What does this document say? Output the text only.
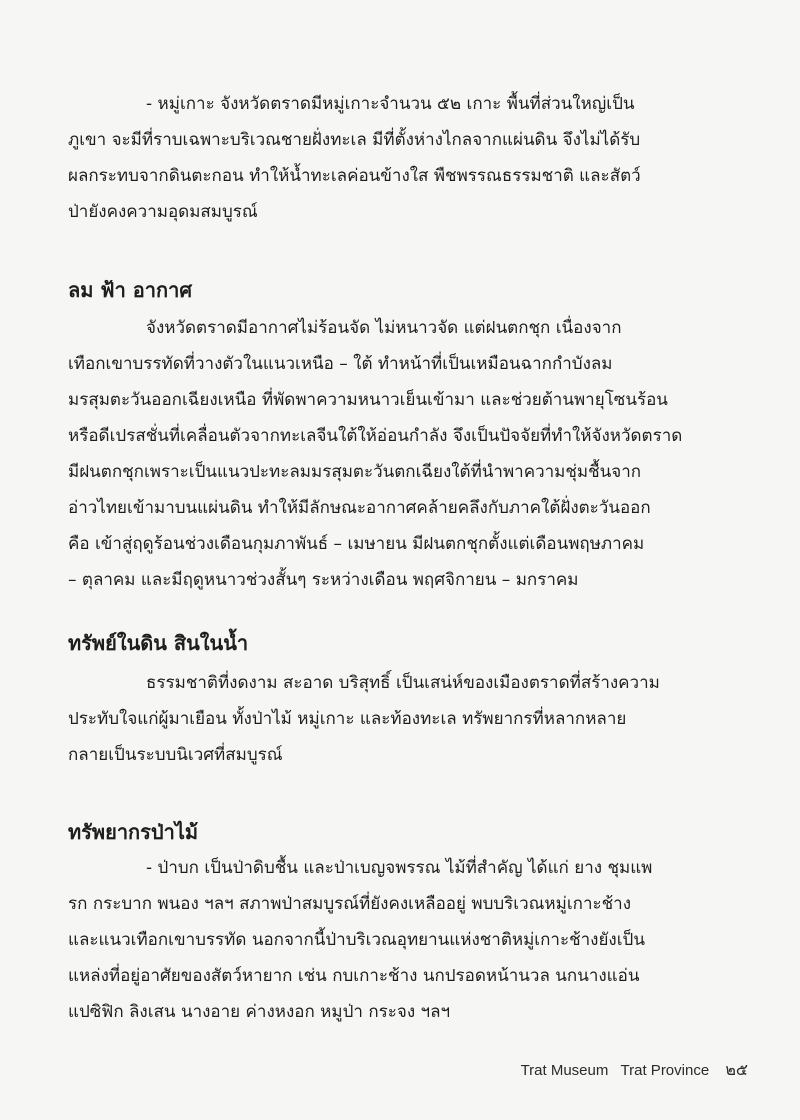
- หมู่เกาะ จังหวัดตราดมีหมู่เกาะจำนวน ๕๒ เกาะ พื้นที่ส่วนใหญ่เป็น
ภูเขา จะมีที่ราบเฉพาะบริเวณชายฝั่งทะเล มีที่ตั้งห่างไกลจากแผ่นดิน จึงไม่ได้รับ
ผลกระทบจากดินตะกอน ทำให้น้ำทะเลค่อนข้างใส พืชพรรณธรรมชาติ และสัตว์
ป่ายังคงความอุดมสมบูรณ์
ลม ฟ้า อากาศ
จังหวัดตราดมีอากาศไม่ร้อนจัด ไม่หนาวจัด แต่ฝนตกชุก เนื่องจาก
เทือกเขาบรรทัดที่วางตัวในแนวเหนือ – ใต้ ทำหน้าที่เป็นเหมือนฉากกำบังลม
มรสุมตะวันออกเฉียงเหนือ ที่พัดพาความหนาวเย็นเข้ามา และช่วยต้านพายุโซนร้อน
หรือดีเปรสชั่นที่เคลื่อนตัวจากทะเลจีนใต้ให้อ่อนกำลัง จึงเป็นปัจจัยที่ทำให้จังหวัดตราด
มีฝนตกชุกเพราะเป็นแนวปะทะลมมรสุมตะวันตกเฉียงใต้ที่นำพาความชุ่มชื้นจาก
อ่าวไทยเข้ามาบนแผ่นดิน ทำให้มีลักษณะอากาศคล้ายคลึงกับภาคใต้ฝั่งตะวันออก
คือ เข้าสู่ฤดูร้อนช่วงเดือนกุมภาพันธ์ – เมษายน มีฝนตกชุกตั้งแต่เดือนพฤษภาคม
– ตุลาคม และมีฤดูหนาวช่วงสั้นๆ ระหว่างเดือน พฤศจิกายน – มกราคม
ทรัพย์ในดิน สินในน้ำ
ธรรมชาติที่งดงาม สะอาด บริสุทธิ์ เป็นเสน่ห์ของเมืองตราดที่สร้างความ
ประทับใจแก่ผู้มาเยือน ทั้งป่าไม้ หมู่เกาะ และท้องทะเล ทรัพยากรที่หลากหลาย
กลายเป็นระบบนิเวศที่สมบูรณ์
ทรัพยากรป่าไม้
- ป่าบก เป็นป่าดิบชื้น และป่าเบญจพรรณ ไม้ที่สำคัญ ได้แก่ ยาง ชุมแพ
รก กระบาก พนอง ฯลฯ สภาพป่าสมบูรณ์ที่ยังคงเหลืออยู่ พบบริเวณหมู่เกาะช้าง
และแนวเทือกเขาบรรทัด นอกจากนี้ป่าบริเวณอุทยานแห่งชาติหมู่เกาะช้างยังเป็น
แหล่งที่อยู่อาศัยของสัตว์หายาก เช่น กบเกาะช้าง นกปรอดหน้านวล นกนางแอ่น
แปซิฟิก ลิงเสน นางอาย ค่างหงอก หมูป่า กระจง ฯลฯ
Trat Museum Trat Province ๒๕
